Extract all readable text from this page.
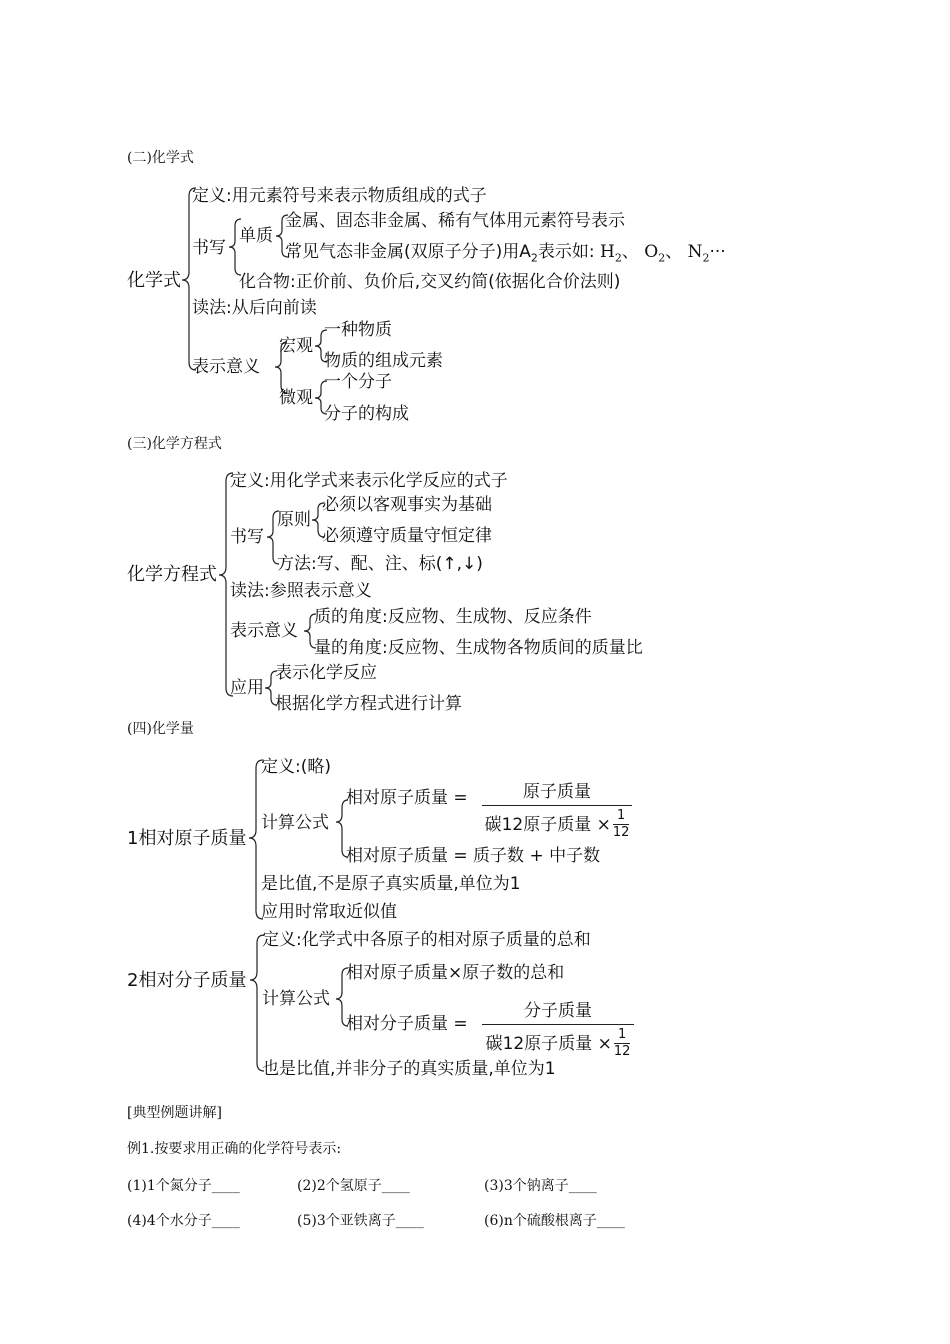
(二)化学式
化学式
定义:用元素符号来表示物质组成的式子
书写
单质
金属、固态非金属、稀有气体用元素符号表示
常见气态非金属(双原子分子)用$A_2$表示如: $H_2$、 $O_2$、 $N_2\cdot\cdot\cdot$
化合物:正价前、负价后,交叉约简(依据化合价法则)
读法:从后向前读
表示意义
宏观
一种物质
物质的组成元素
微观
一个分子
分子的构成
(三)化学方程式
化学方程式
定义:用化学式来表示化学反应的式子
书写
原则
必须以客观事实为基础
必须遵守质量守恒定律
方法:写、配、注、标(↑,↓)
读法:参照表示意义
表示意义
质的角度:反应物、生成物、反应条件
量的角度:反应物、生成物各物质间的质量比
应用
表示化学反应
根据化学方程式进行计算
(四)化学量
1相对原子质量
定义:(略)
计算公式
相对原子质量 =	原子质量
碳12原子质量 × $\frac{1}{12}$
相对原子质量 = 质子数 + 中子数
是比值,不是原子真实质量,单位为1
应用时常取近似值
2相对分子质量
定义:化学式中各原子的相对原子质量的总和
计算公式
相对原子质量×原子数的总和
相对分子质量 =
分子质量
碳12原子质量 × $\frac{1}{12}$
也是比值,并非分子的真实质量,单位为1
[典型例题讲解]
例1.按要求用正确的化学符号表示:
(1)1个氮分子____	(2)2个氢原子____	(3)3个钠离子____
(4)4个水分子____	(5)3个亚铁离子____	(6)n个硫酸根离子____
